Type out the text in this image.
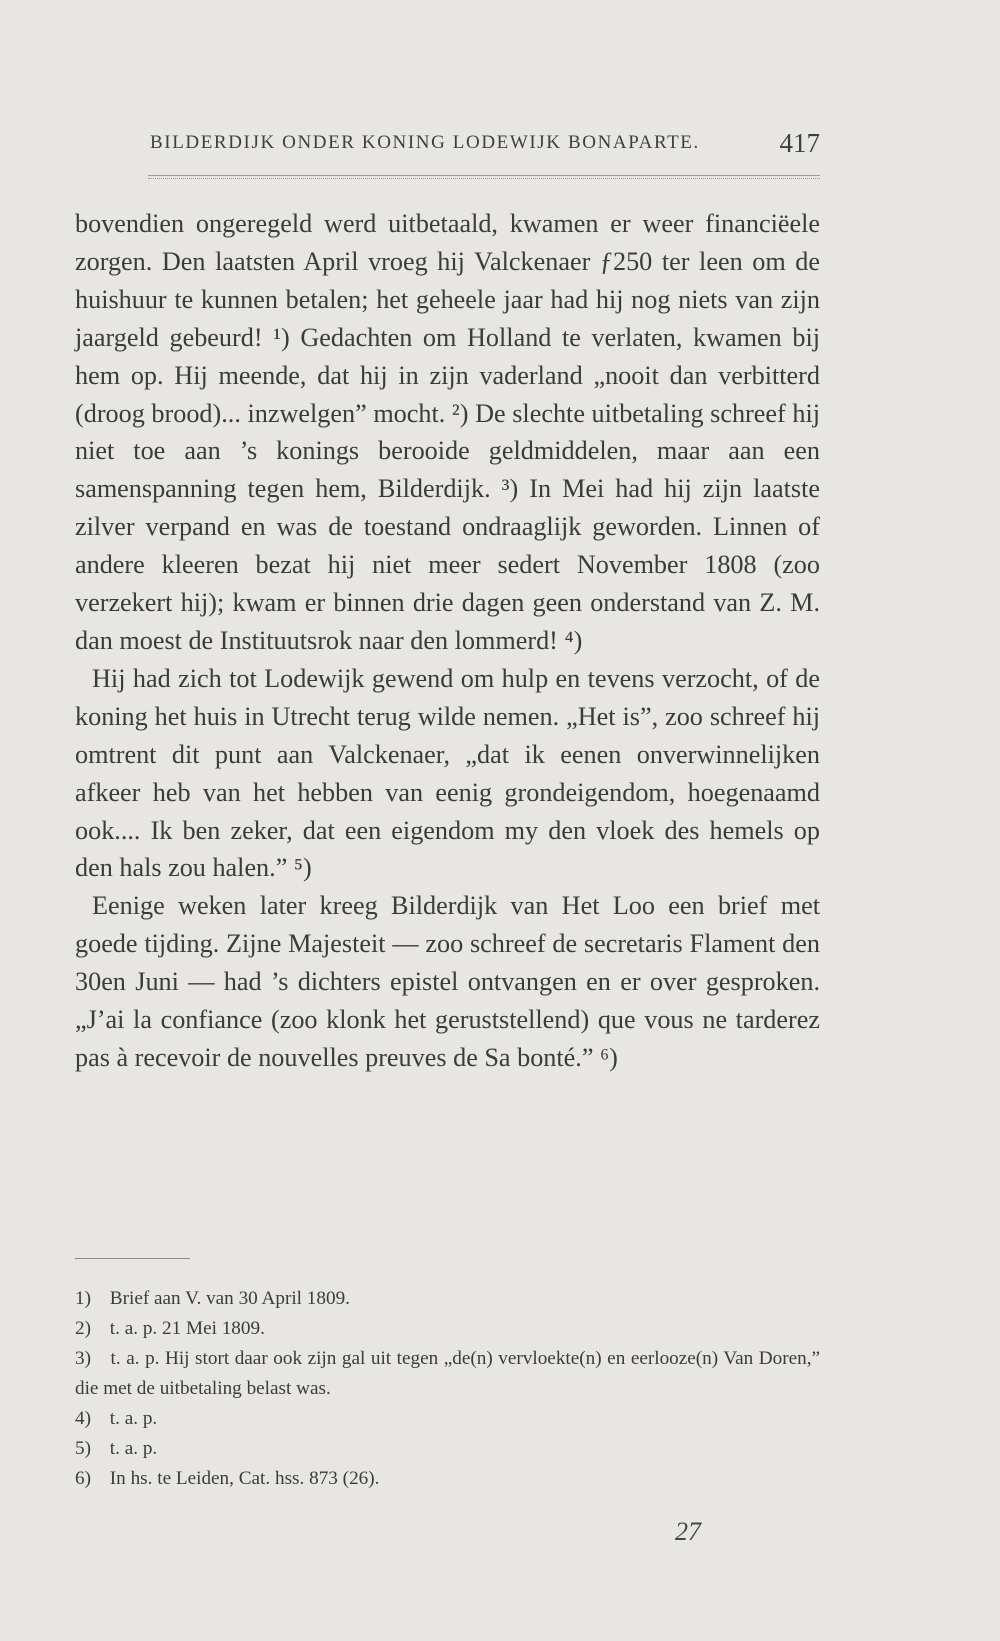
BILDERDIJK ONDER KONING LODEWIJK BONAPARTE.	417

bovendien ongeregeld werd uitbetaald, kwamen er weer financiëele zorgen. Den laatsten April vroeg hij Valckenaer ƒ250 ter leen om de huishuur te kunnen betalen; het geheele jaar had hij nog niets van zijn jaargeld gebeurd! ¹) Gedachten om Holland te verlaten, kwamen bij hem op. Hij meende, dat hij in zijn vaderland „nooit dan verbitterd (droog brood)... inzwelgen” mocht. ²) De slechte uitbetaling schreef hij niet toe aan ’s konings berooide geldmiddelen, maar aan een samenspanning tegen hem, Bilderdijk. ³) In Mei had hij zijn laatste zilver verpand en was de toestand ondraaglijk geworden. Linnen of andere kleeren bezat hij niet meer sedert November 1808 (zoo verzekert hij); kwam er binnen drie dagen geen onderstand van Z. M. dan moest de Instituutsrok naar den lommerd! ⁴)

Hij had zich tot Lodewijk gewend om hulp en tevens verzocht, of de koning het huis in Utrecht terug wilde nemen. „Het is”, zoo schreef hij omtrent dit punt aan Valckenaer, „dat ik eenen onverwinnelijken afkeer heb van het hebben van eenig grondeigendom, hoegenaamd ook.... Ik ben zeker, dat een eigendom my den vloek des hemels op den hals zou halen.” ⁵)

Eenige weken later kreeg Bilderdijk van Het Loo een brief met goede tijding. Zijne Majesteit — zoo schreef de secretaris Flament den 30en Juni — had ’s dichters epistel ontvangen en er over gesproken. „J’ai la confiance (zoo klonk het geruststellend) que vous ne tarderez pas à recevoir de nouvelles preuves de Sa bonté.” ⁶)

1) Brief aan V. van 30 April 1809.

2) t. a. p. 21 Mei 1809.

3) t. a. p. Hij stort daar ook zijn gal uit tegen „de(n) vervloekte(n) en eerlooze(n) Van Doren,” die met de uitbetaling belast was.

4) t. a. p.

5) t. a. p.

6) In hs. te Leiden, Cat. hss. 873 (26).

27
